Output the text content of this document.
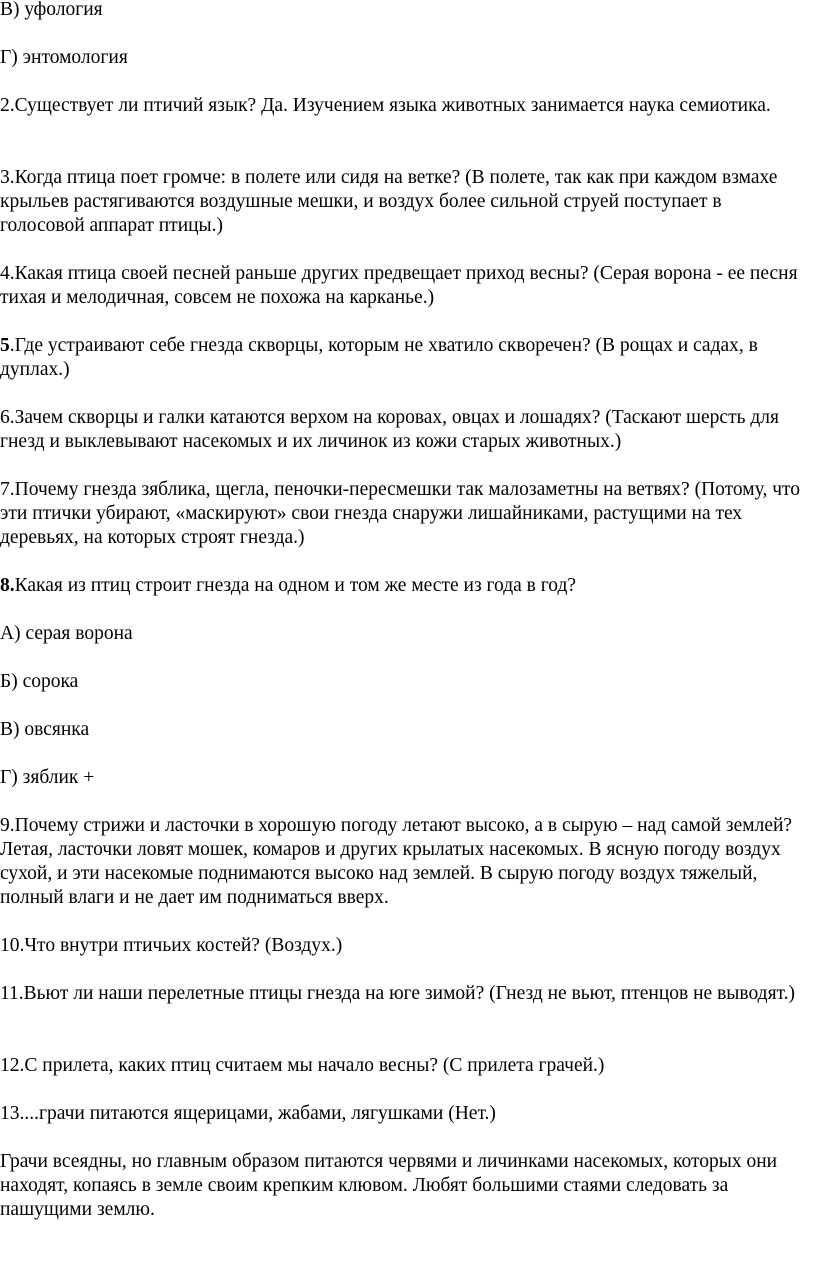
В) уфология

Г) энтомология

2.Существует ли птичий язык? Да. Изучением языка животных занимается наука семиотика.

3.Когда птица поет громче: в полете или сидя на ветке? (В полете, так как при каждом взмахе крыльев растягиваются воздушные мешки, и воздух более сильной струей поступает в голосовой аппарат птицы.)

4.Какая птица своей песней раньше других предвещает приход весны? (Серая ворона - ее песня тихая и мелодичная, совсем не похожа на карканье.)

5.Где устраивают себе гнезда скворцы, которым не хватило скворечен? (В рощах и садах, в дуплах.)

6.Зачем скворцы и галки катаются верхом на коровах, овцах и лошадях? (Таскают шерсть для гнезд и выклевывают насекомых и их личинок из кожи старых животных.)

7.Почему гнезда зяблика, щегла, пеночки-пересмешки так малозаметны на ветвях? (Потому, что эти птички убирают, «маскируют» свои гнезда снаружи лишайниками, растущими на тех деревьях, на которых строят гнезда.)

8.Какая из птиц строит гнезда на одном и том же месте из года в год?

А) серая ворона

Б) сорока

В) овсянка

Г) зяблик +

9.Почему стрижи и ласточки в хорошую погоду летают высоко, а в сырую – над самой землей? Летая, ласточки ловят мошек, комаров и других крылатых насекомых. В ясную погоду воздух сухой, и эти насекомые поднимаются высоко над землей. В сырую погоду воздух тяжелый, полный влаги и не дает им подниматься вверх.

10.Что внутри птичьих костей? (Воздух.)

11.Вьют ли наши перелетные птицы гнезда на юге зимой? (Гнезд не вьют, птенцов не выводят.)

12.С прилета, каких птиц считаем мы начало весны? (С прилета грачей.)

13....грачи питаются ящерицами, жабами, лягушками (Нет.)

Грачи всеядны, но главным образом питаются червями и личинками насекомых, которых они находят, копаясь в земле своим крепким клювом. Любят большими стаями следовать за пашущими землю.
